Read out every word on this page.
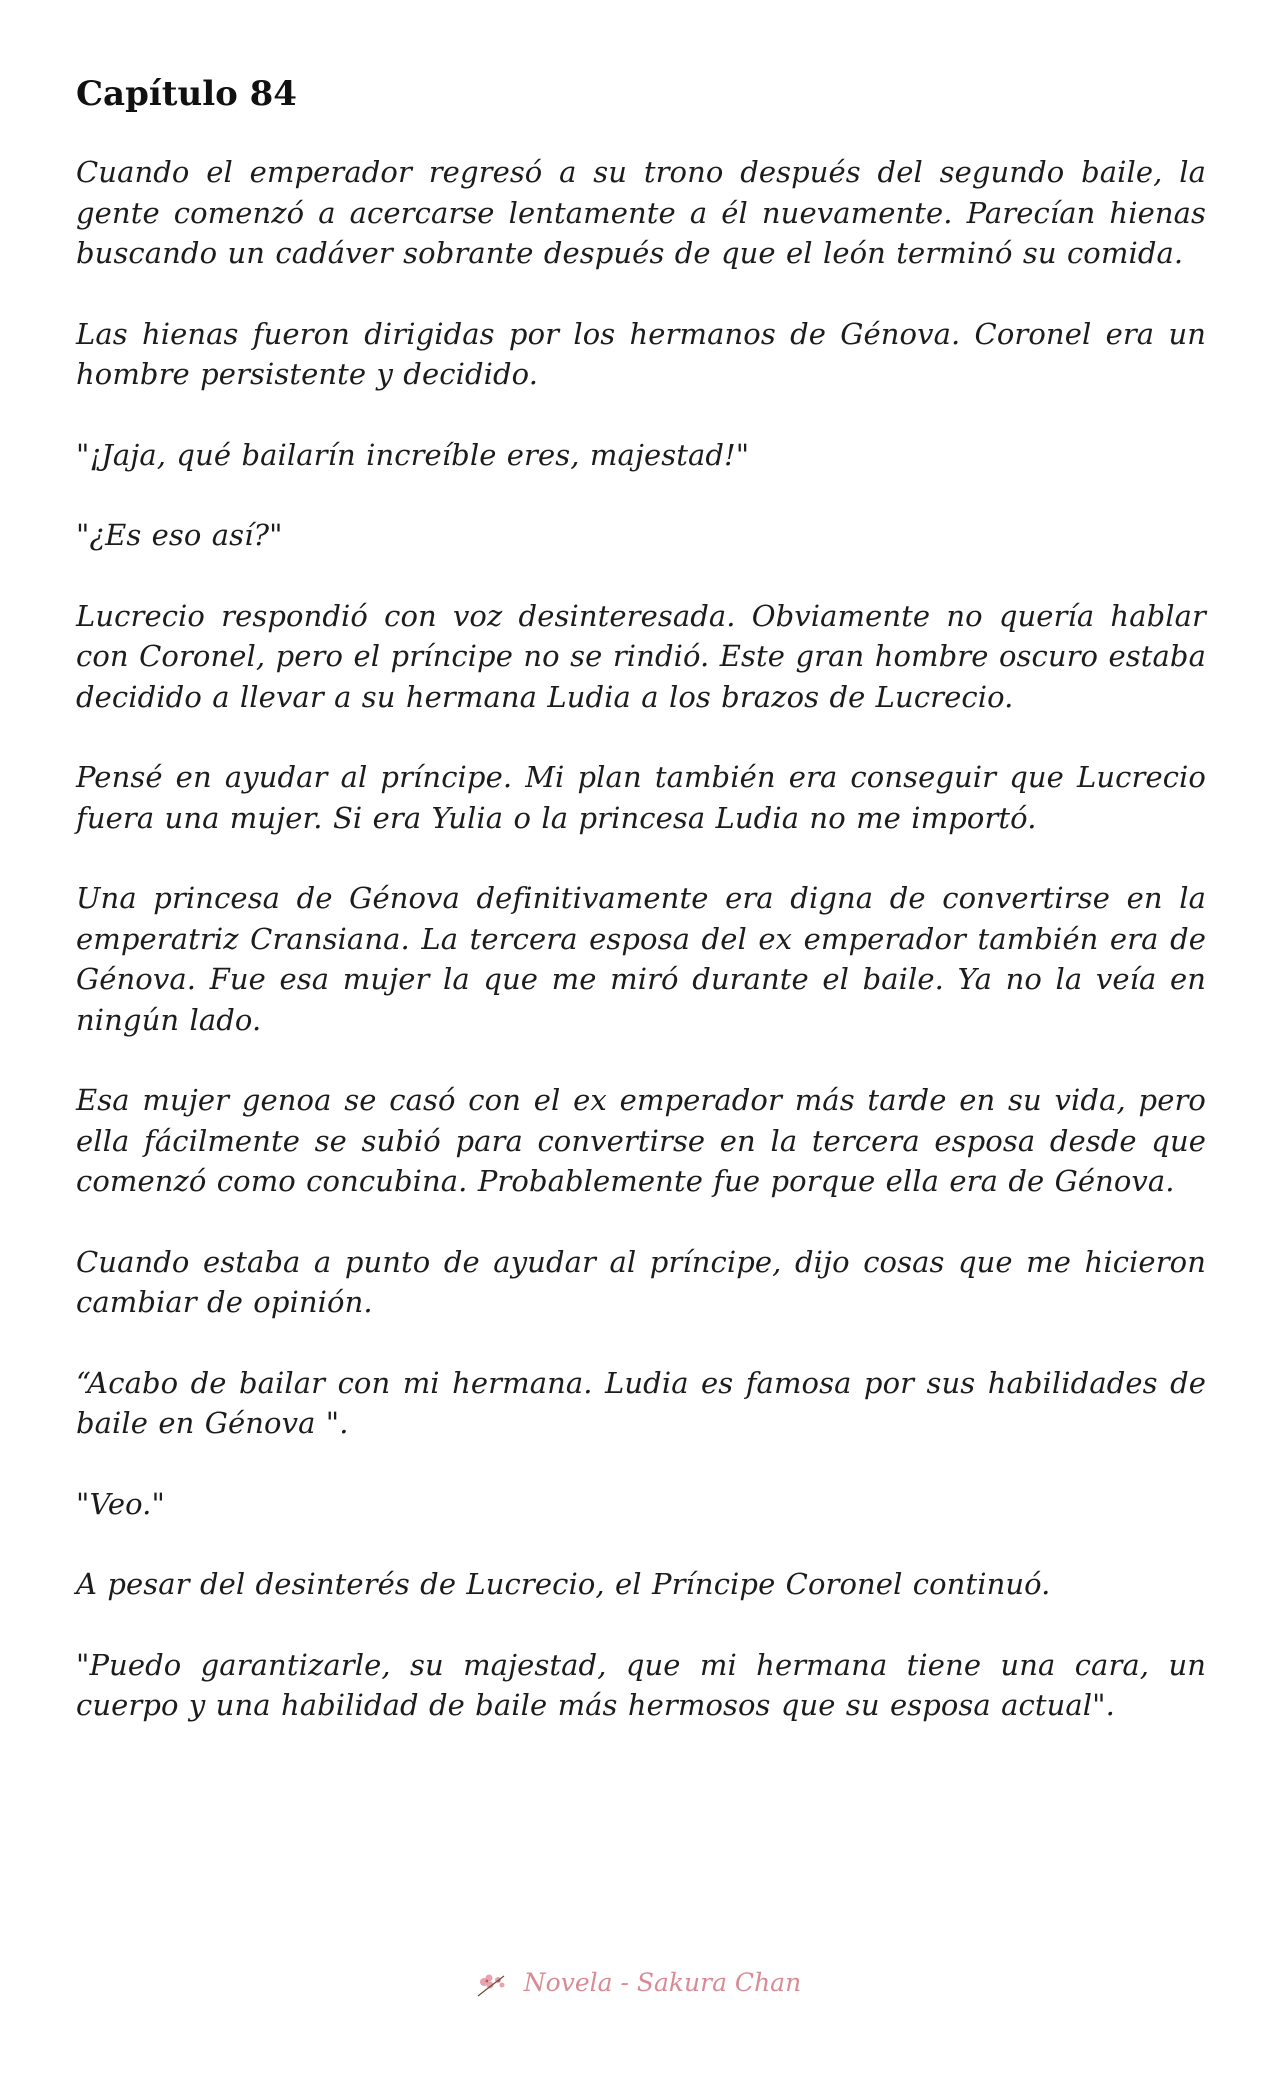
Capítulo 84

Cuando el emperador regresó a su trono después del segundo baile, la gente comenzó a acercarse lentamente a él nuevamente. Parecían hienas buscando un cadáver sobrante después de que el león terminó su comida.

Las hienas fueron dirigidas por los hermanos de Génova. Coronel era un hombre persistente y decidido.

"¡Jaja, qué bailarín increíble eres, majestad!"

"¿Es eso así?"

Lucrecio respondió con voz desinteresada. Obviamente no quería hablar con Coronel, pero el príncipe no se rindió. Este gran hombre oscuro estaba decidido a llevar a su hermana Ludia a los brazos de Lucrecio.

Pensé en ayudar al príncipe. Mi plan también era conseguir que Lucrecio fuera una mujer. Si era Yulia o la princesa Ludia no me importó.

Una princesa de Génova definitivamente era digna de convertirse en la emperatriz Cransiana. La tercera esposa del ex emperador también era de Génova. Fue esa mujer la que me miró durante el baile. Ya no la veía en ningún lado.

Esa mujer genoa se casó con el ex emperador más tarde en su vida, pero ella fácilmente se subió para convertirse en la tercera esposa desde que comenzó como concubina. Probablemente fue porque ella era de Génova.

Cuando estaba a punto de ayudar al príncipe, dijo cosas que me hicieron cambiar de opinión.

“Acabo de bailar con mi hermana. Ludia es famosa por sus habilidades de baile en Génova ".

"Veo."

A pesar del desinterés de Lucrecio, el Príncipe Coronel continuó.

"Puedo garantizarle, su majestad, que mi hermana tiene una cara, un cuerpo y una habilidad de baile más hermosos que su esposa actual".

Novela - Sakura Chan
